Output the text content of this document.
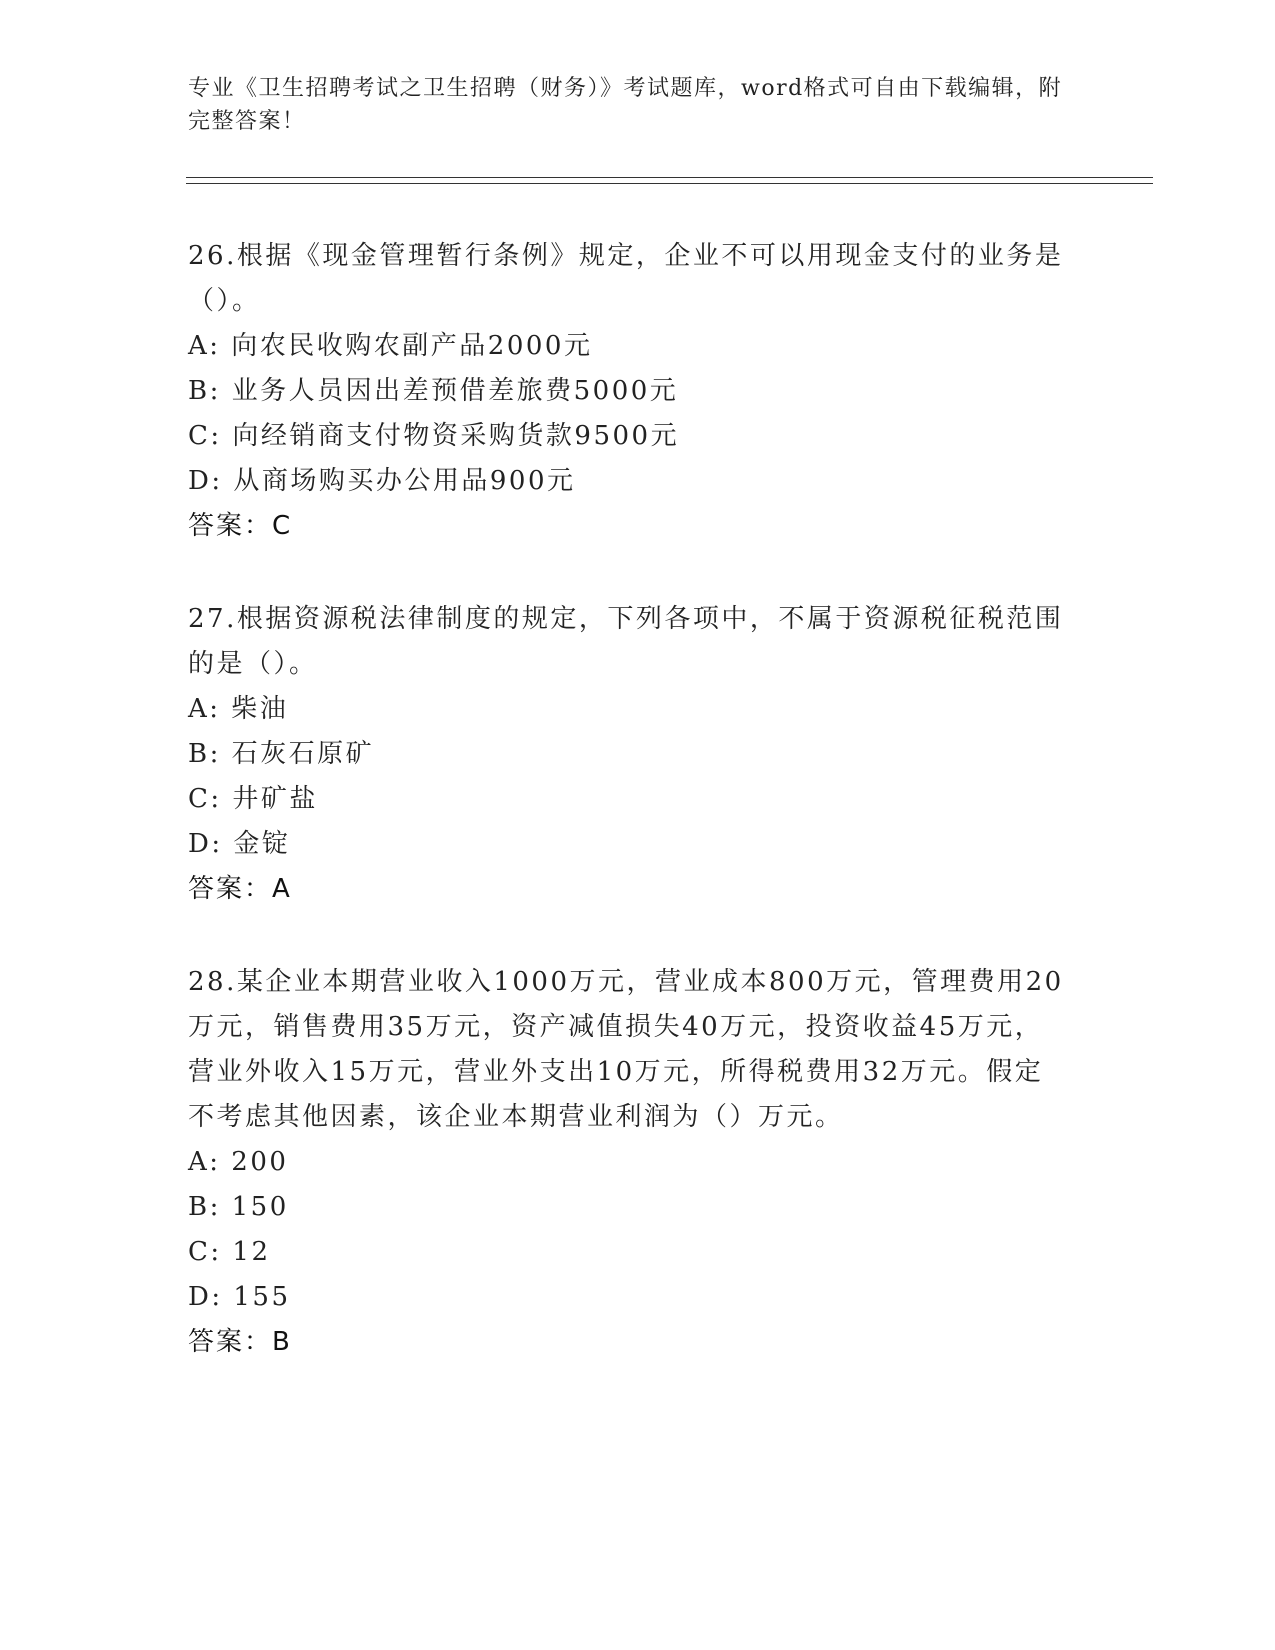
专业《卫生招聘考试之卫生招聘（财务）》考试题库，word格式可自由下载编辑，附完整答案！

26.根据《现金管理暂行条例》规定，企业不可以用现金支付的业务是（）。

A: 向农民收购农副产品2000元

B: 业务人员因出差预借差旅费5000元

C: 向经销商支付物资采购货款9500元

D: 从商场购买办公用品900元

答案：C

27.根据资源税法律制度的规定，下列各项中，不属于资源税征税范围的是（）。

A: 柴油

B: 石灰石原矿

C: 井矿盐

D: 金锭

答案：A

28.某企业本期营业收入1000万元，营业成本800万元，管理费用20万元，销售费用35万元，资产减值损失40万元，投资收益45万元，营业外收入15万元，营业外支出10万元，所得税费用32万元。假定不考虑其他因素，该企业本期营业利润为（）万元。

A: 200

B: 150

C: 12

D: 155

答案：B
